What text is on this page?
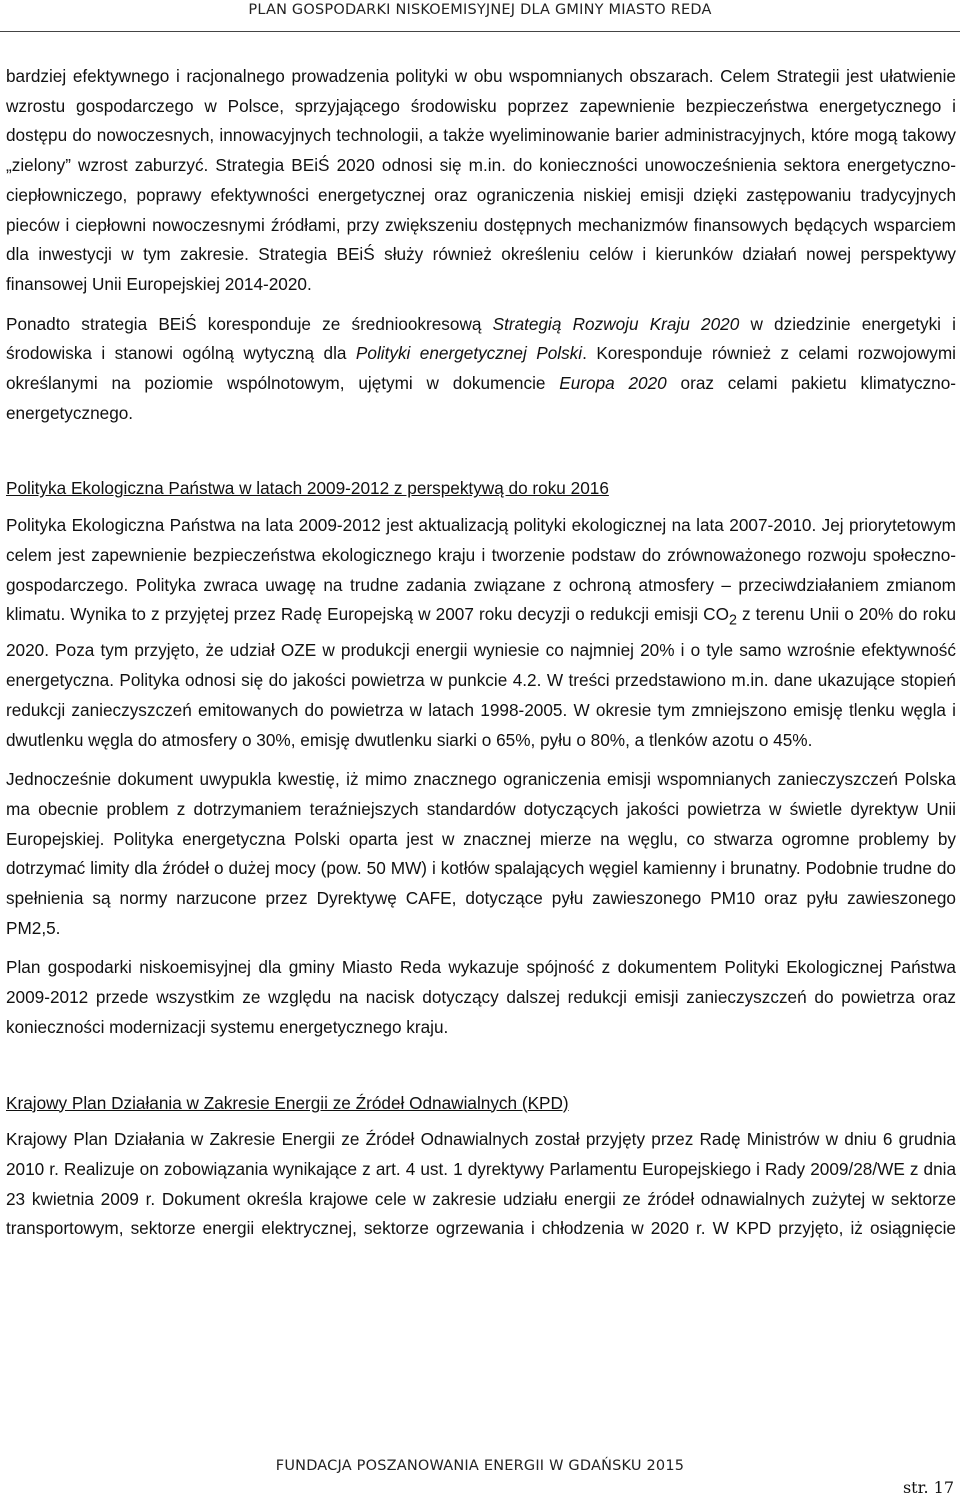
PLAN GOSPODARKI NISKOEMISYJNEJ DLA GMINY MIASTO REDA

bardziej efektywnego i racjonalnego prowadzenia polityki w obu wspomnianych obszarach. Celem Strategii jest ułatwienie wzrostu gospodarczego w Polsce, sprzyjającego środowisku poprzez zapewnienie bezpieczeństwa energetycznego i dostępu do nowoczesnych, innowacyjnych technologii, a także wyeliminowanie barier administracyjnych, które mogą takowy „zielony” wzrost zaburzyć. Strategia BEiŚ 2020 odnosi się m.in. do konieczności unowocześnienia sektora energetyczno-ciepłowniczego, poprawy efektywności energetycznej oraz ograniczenia niskiej emisji dzięki zastępowaniu tradycyjnych pieców i ciepłowni nowoczesnymi źródłami, przy zwiększeniu dostępnych mechanizmów finansowych będących wsparciem dla inwestycji w tym zakresie. Strategia BEiŚ służy również określeniu celów i kierunków działań nowej perspektywy finansowej Unii Europejskiej 2014-2020.

Ponadto strategia BEiŚ koresponduje ze średniookresową Strategią Rozwoju Kraju 2020 w dziedzinie energetyki i środowiska i stanowi ogólną wytyczną dla Polityki energetycznej Polski. Koresponduje również z celami rozwojowymi określanymi na poziomie wspólnotowym, ujętymi w dokumencie Europa 2020 oraz celami pakietu klimatyczno-energetycznego.

Polityka Ekologiczna Państwa w latach 2009-2012 z perspektywą do roku 2016

Polityka Ekologiczna Państwa na lata 2009-2012 jest aktualizacją polityki ekologicznej na lata 2007-2010. Jej priorytetowym celem jest zapewnienie bezpieczeństwa ekologicznego kraju i tworzenie podstaw do zrównoważonego rozwoju społeczno-gospodarczego. Polityka zwraca uwagę na trudne zadania związane z ochroną atmosfery – przeciwdziałaniem zmianom klimatu. Wynika to z przyjętej przez Radę Europejską w 2007 roku decyzji o redukcji emisji $CO_2$ z terenu Unii o 20% do roku 2020. Poza tym przyjęto, że udział OZE w produkcji energii wyniesie co najmniej 20% i o tyle samo wzrośnie efektywność energetyczna. Polityka odnosi się do jakości powietrza w punkcie 4.2. W treści przedstawiono m.in. dane ukazujące stopień redukcji zanieczyszczeń emitowanych do powietrza w latach 1998-2005. W okresie tym zmniejszono emisję tlenku węgla i dwutlenku węgla do atmosfery o 30%, emisję dwutlenku siarki o 65%, pyłu o 80%, a tlenków azotu o 45%.

Jednocześnie dokument uwypukla kwestię, iż mimo znacznego ograniczenia emisji wspomnianych zanieczyszczeń Polska ma obecnie problem z dotrzymaniem teraźniejszych standardów dotyczących jakości powietrza w świetle dyrektyw Unii Europejskiej. Polityka energetyczna Polski oparta jest w znacznej mierze na węglu, co stwarza ogromne problemy by dotrzymać limity dla źródeł o dużej mocy (pow. 50 MW) i kotłów spalających węgiel kamienny i brunatny. Podobnie trudne do spełnienia są normy narzucone przez Dyrektywę CAFE, dotyczące pyłu zawieszonego PM10 oraz pyłu zawieszonego PM2,5.

Plan gospodarki niskoemisyjnej dla gminy Miasto Reda wykazuje spójność z dokumentem Polityki Ekologicznej Państwa 2009-2012 przede wszystkim ze względu na nacisk dotyczący dalszej redukcji emisji zanieczyszczeń do powietrza oraz konieczności modernizacji systemu energetycznego kraju.

Krajowy Plan Działania w Zakresie Energii ze Źródeł Odnawialnych (KPD)

Krajowy Plan Działania w Zakresie Energii ze Źródeł Odnawialnych został przyjęty przez Radę Ministrów w dniu 6 grudnia 2010 r. Realizuje on zobowiązania wynikające z art. 4 ust. 1 dyrektywy Parlamentu Europejskiego i Rady 2009/28/WE z dnia 23 kwietnia 2009 r. Dokument określa krajowe cele w zakresie udziału energii ze źródeł odnawialnych zużytej w sektorze transportowym, sektorze energii elektrycznej, sektorze ogrzewania i chłodzenia w 2020 r. W KPD przyjęto, iż osiągnięcie

FUNDACJA POSZANOWANIA ENERGII W GDAŃSKU 2015
str. 17
